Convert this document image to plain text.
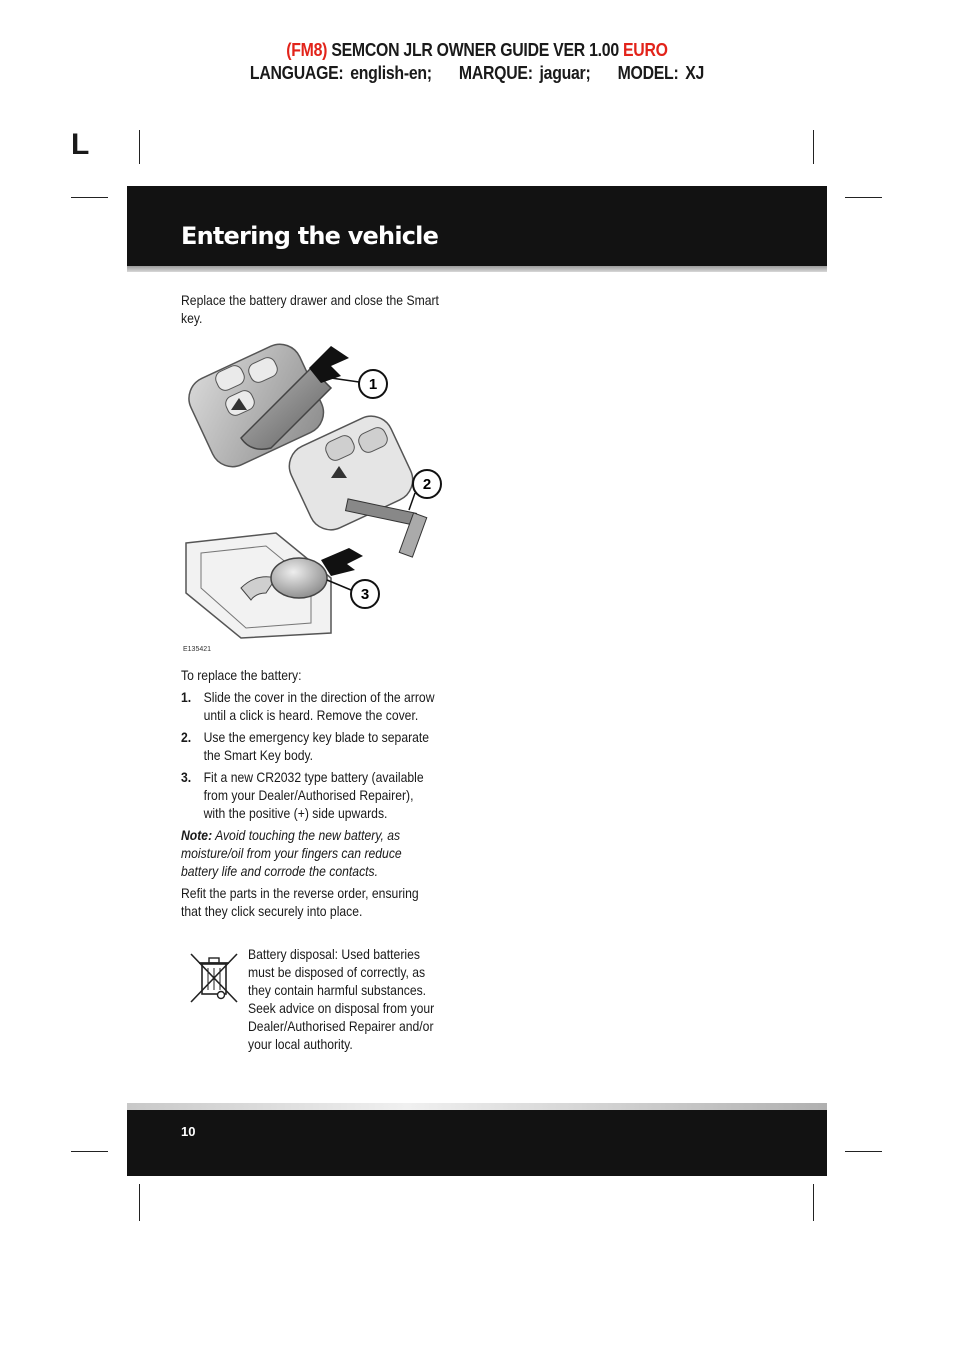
(FM8) SEMCON JLR OWNER GUIDE VER 1.00 EURO
LANGUAGE: english-en;    MARQUE: jaguar;    MODEL: XJ
L
Entering the vehicle
Replace the battery drawer and close the Smart key.
1
2
3
E135421
To replace the battery:
1. Slide the cover in the direction of the arrow
until a click is heard. Remove the cover.
2. Use the emergency key blade to separate
the Smart Key body.
3. Fit a new CR2032 type battery (available
from your Dealer/Authorised Repairer),
with the positive (+) side upwards.
Note: Avoid touching the new battery, as
moisture/oil from your fingers can reduce
battery life and corrode the contacts.
Refit the parts in the reverse order, ensuring
that they click securely into place.
Battery disposal: Used batteries
must be disposed of correctly, as
they contain harmful substances.
Seek advice on disposal from your
Dealer/Authorised Repairer and/or
your local authority.
10
